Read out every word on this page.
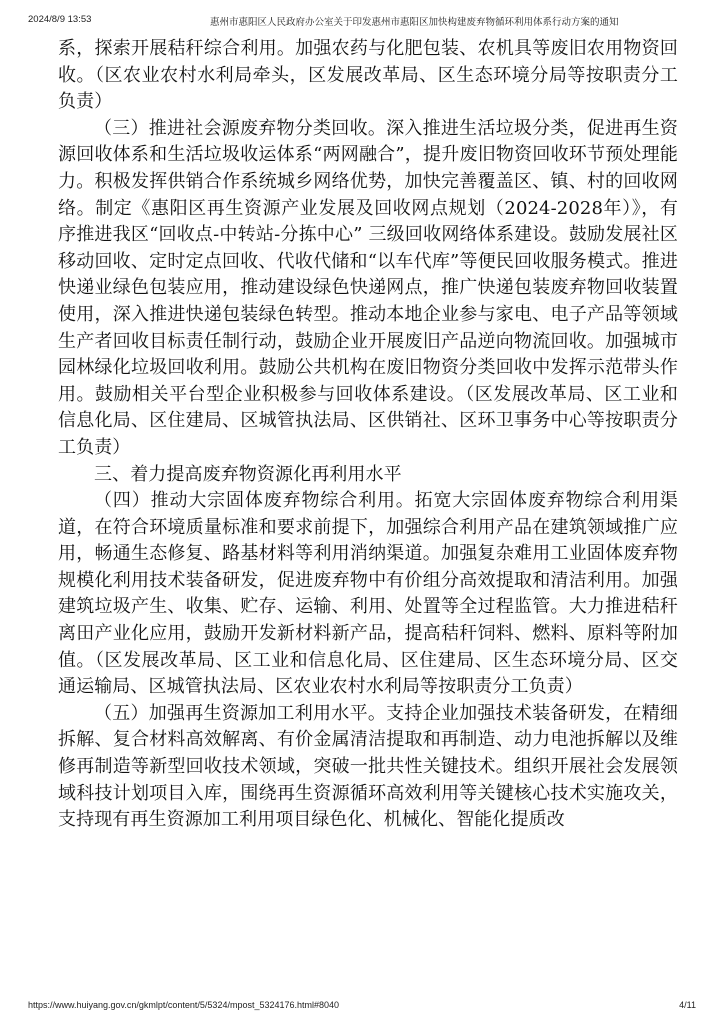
2024/8/9 13:53	惠州市惠阳区人民政府办公室关于印发惠州市惠阳区加快构建废弃物循环利用体系行动方案的通知

系，探索开展秸秆综合利用。加强农药与化肥包装、农机具等废旧农用物资回收。（区农业农村水利局牵头，区发展改革局、区生态环境分局等按职责分工负责）

（三）推进社会源废弃物分类回收。深入推进生活垃圾分类，促进再生资源回收体系和生活垃圾收运体系“两网融合”，提升废旧物资回收环节预处理能力。积极发挥供销合作系统城乡网络优势，加快完善覆盖区、镇、村的回收网络。制定《惠阳区再生资源产业发展及回收网点规划（2024-2028年）》，有序推进我区“回收点-中转站-分拣中心” 三级回收网络体系建设。鼓励发展社区移动回收、定时定点回收、代收代储和“以车代库”等便民回收服务模式。推进快递业绿色包装应用，推动建设绿色快递网点，推广快递包装废弃物回收装置使用，深入推进快递包装绿色转型。推动本地企业参与家电、电子产品等领域生产者回收目标责任制行动，鼓励企业开展废旧产品逆向物流回收。加强城市园林绿化垃圾回收利用。鼓励公共机构在废旧物资分类回收中发挥示范带头作用。鼓励相关平台型企业积极参与回收体系建设。（区发展改革局、区工业和信息化局、区住建局、区城管执法局、区供销社、区环卫事务中心等按职责分工负责）

三、着力提高废弃物资源化再利用水平

（四）推动大宗固体废弃物综合利用。拓宽大宗固体废弃物综合利用渠道，在符合环境质量标准和要求前提下，加强综合利用产品在建筑领域推广应用，畅通生态修复、路基材料等利用消纳渠道。加强复杂难用工业固体废弃物规模化利用技术装备研发，促进废弃物中有价组分高效提取和清洁利用。加强建筑垃圾产生、收集、贮存、运输、利用、处置等全过程监管。大力推进秸秆离田产业化应用，鼓励开发新材料新产品，提高秸秆饲料、燃料、原料等附加值。（区发展改革局、区工业和信息化局、区住建局、区生态环境分局、区交通运输局、区城管执法局、区农业农村水利局等按职责分工负责）

（五）加强再生资源加工利用水平。支持企业加强技术装备研发，在精细拆解、复合材料高效解离、有价金属清洁提取和再制造、动力电池拆解以及维修再制造等新型回收技术领域，突破一批共性关键技术。组织开展社会发展领域科技计划项目入库，围绕再生资源循环高效利用等关键核心技术实施攻关，支持现有再生资源加工利用项目绿色化、机械化、智能化提质改

https://www.huiyang.gov.cn/gkmlpt/content/5/5324/mpost_5324176.html#8040	4/11
